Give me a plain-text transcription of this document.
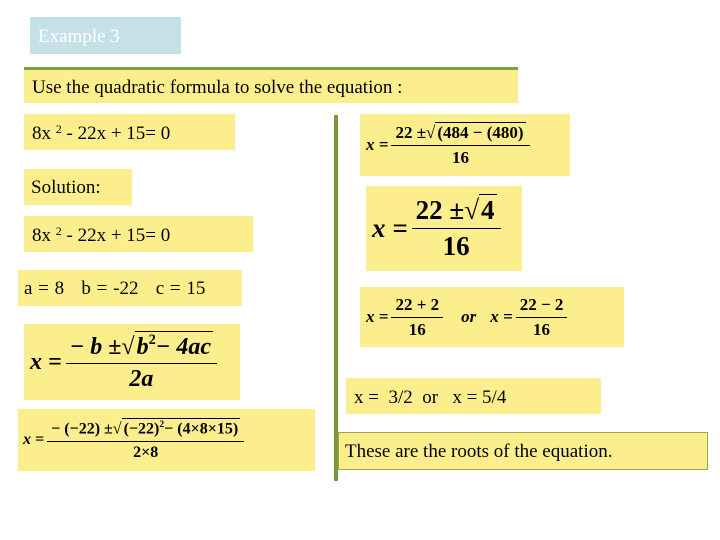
Example 3
Use the quadratic formula to solve the equation :
8x $^2$ - 22x + 15= 0
Solution:
8x $^2$ - 22x + 15= 0
a = 8   b = -22   c = 15
$x = \frac{- b \pm√b^2- 4ac}{2a}$
$x = \frac{- (-22) \pm√ (-22)^2- (4\times 8\times 15)}{2\times 8}$
$x = \frac{22 \pm√ (484 - (480)}{16}$
$x = \frac{22 \pm√4}{16}$
$x = \frac{22 + 2}{16}$ or $x = \frac{22 - 2}{16}$
x =  3/2  or   x = 5/4
These are the roots of the equation.
